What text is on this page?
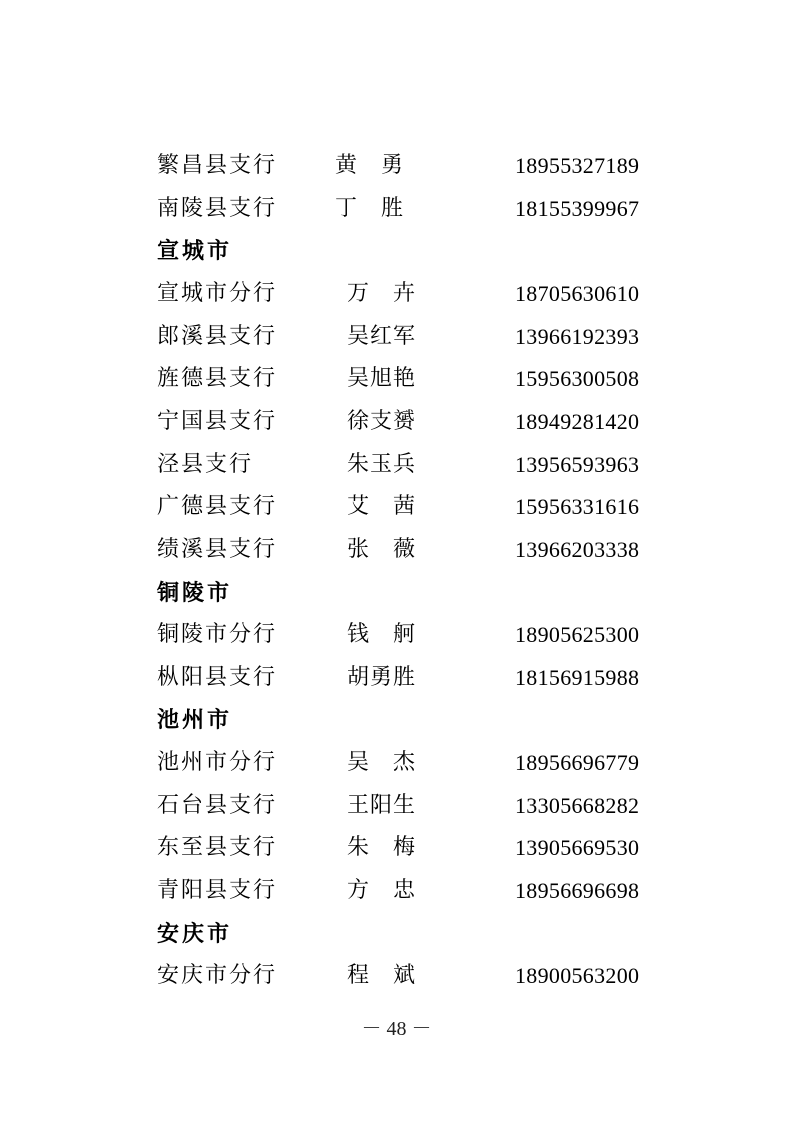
繁昌县支行	黄　勇	18955327189
南陵县支行	丁　胜	18155399967
宣城市
宣城市分行	万　卉	18705630610
郎溪县支行	吴红军	13966192393
旌德县支行	吴旭艳	15956300508
宁国县支行	徐支赟	18949281420
泾县支行	朱玉兵	13956593963
广德县支行	艾　茜	15956331616
绩溪县支行	张　薇	13966203338
铜陵市
铜陵市分行	钱　舸	18905625300
枞阳县支行	胡勇胜	18156915988
池州市
池州市分行	吴　杰	18956696779
石台县支行	王阳生	13305668282
东至县支行	朱　梅	13905669530
青阳县支行	方　忠	18956696698
安庆市
安庆市分行	程　斌	18900563200
－ 48 －
